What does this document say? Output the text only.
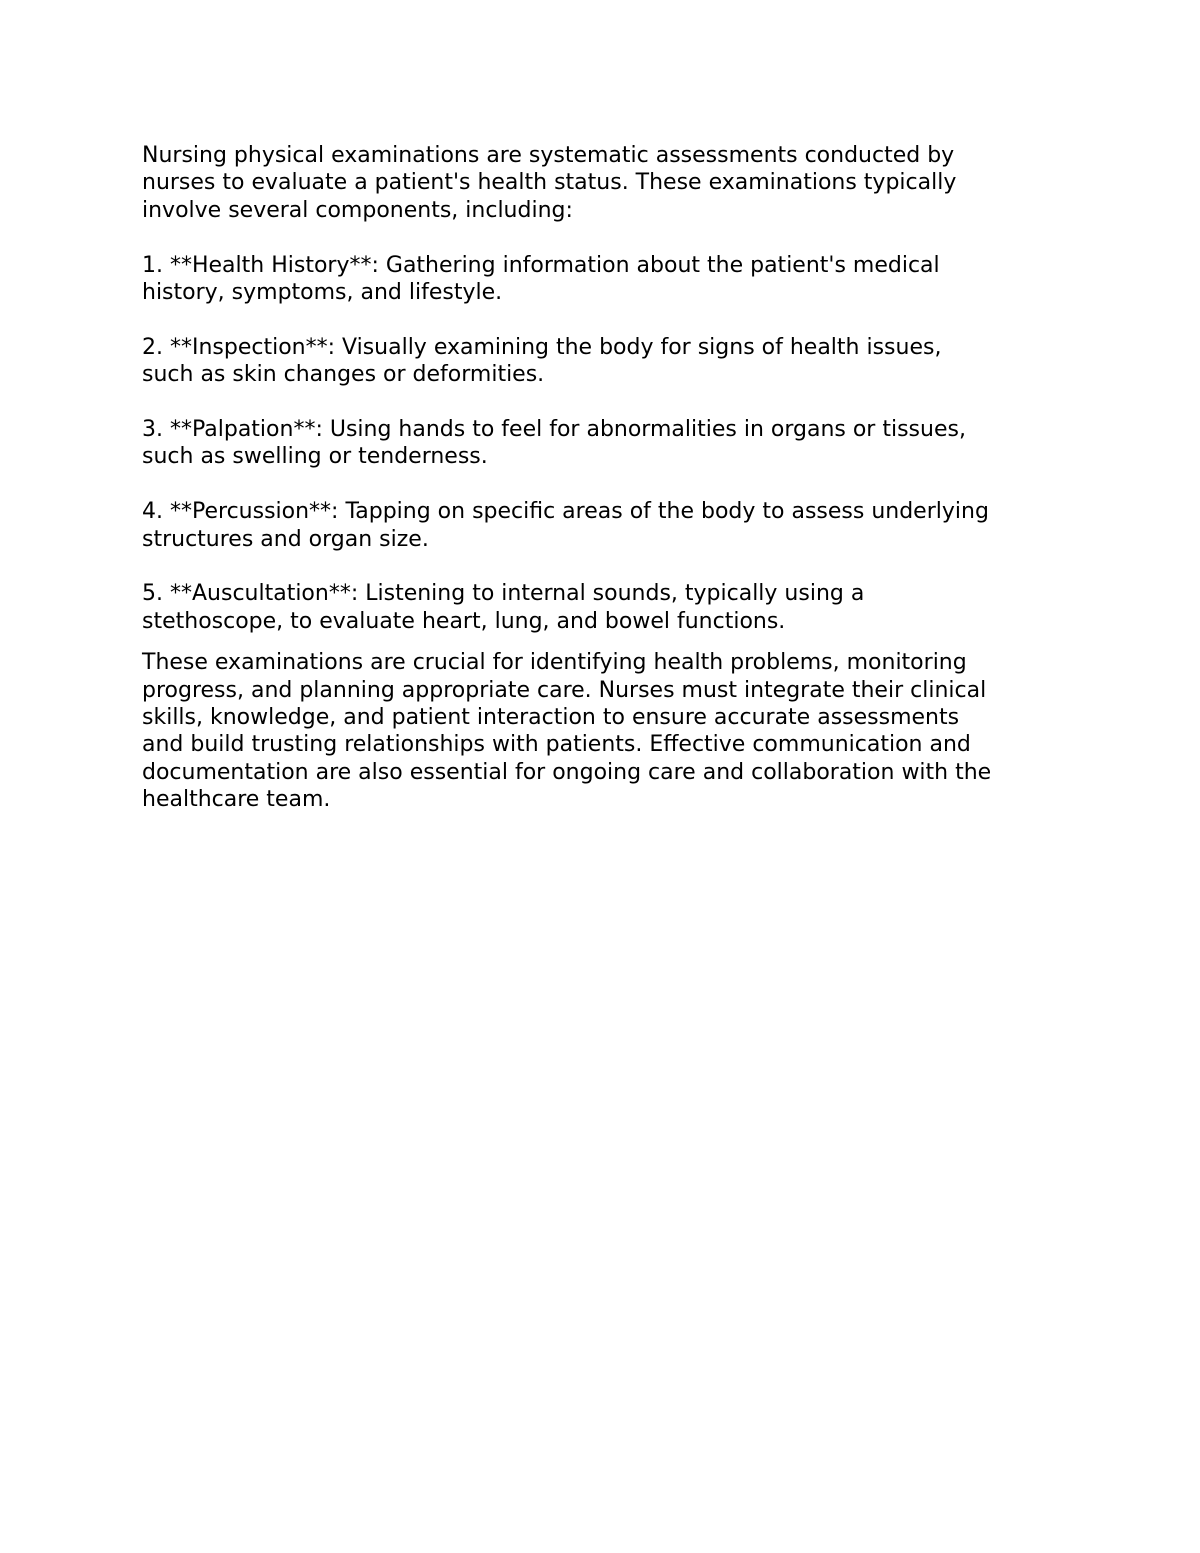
Nursing physical examinations are systematic assessments conducted by
nurses to evaluate a patient's health status. These examinations typically
involve several components, including:

1. **Health History**: Gathering information about the patient's medical
history, symptoms, and lifestyle.

2. **Inspection**: Visually examining the body for signs of health issues,
such as skin changes or deformities.

3. **Palpation**: Using hands to feel for abnormalities in organs or tissues,
such as swelling or tenderness.

4. **Percussion**: Tapping on specific areas of the body to assess underlying
structures and organ size.

5. **Auscultation**: Listening to internal sounds, typically using a
stethoscope, to evaluate heart, lung, and bowel functions.

These examinations are crucial for identifying health problems, monitoring
progress, and planning appropriate care. Nurses must integrate their clinical
skills, knowledge, and patient interaction to ensure accurate assessments
and build trusting relationships with patients. Effective communication and
documentation are also essential for ongoing care and collaboration with the
healthcare team.
